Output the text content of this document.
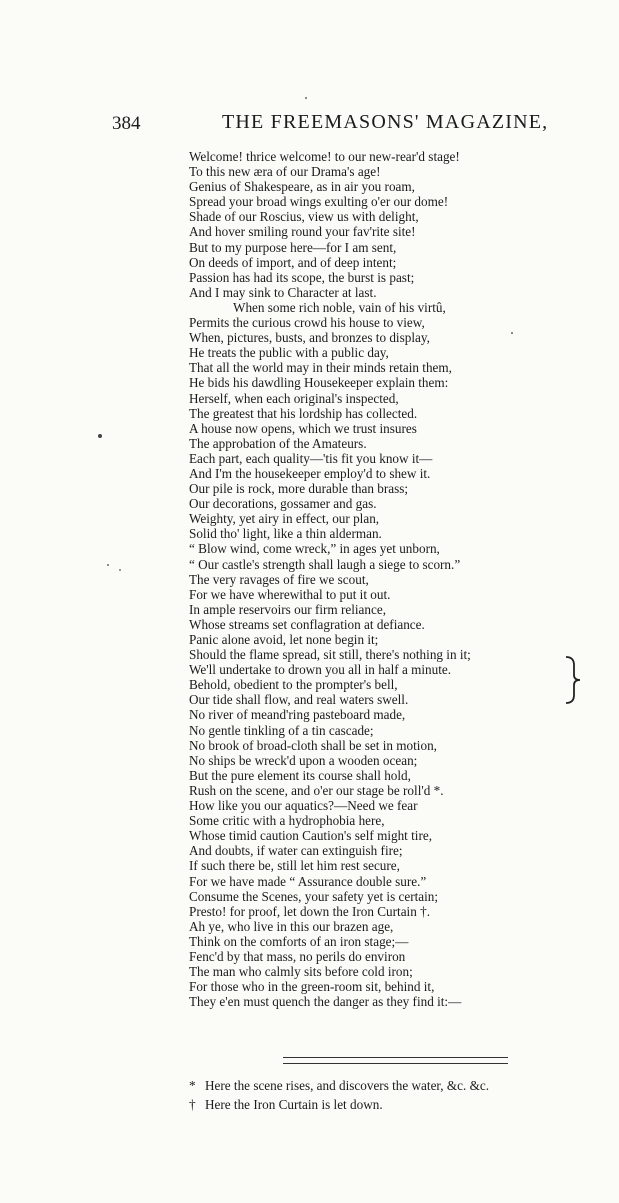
384	THE FREEMASONS' MAGAZINE,
Welcome! thrice welcome! to our new-rear'd stage!
To this new æra of our Drama's age!
Genius of Shakespeare, as in air you roam,
Spread your broad wings exulting o'er our dome!
Shade of our Roscius, view us with delight,
And hover smiling round your fav'rite site!
But to my purpose here—for I am sent,
On deeds of import, and of deep intent;
Passion has had its scope, the burst is past;
And I may sink to Character at last.
When some rich noble, vain of his virtû,
Permits the curious crowd his house to view,
When, pictures, busts, and bronzes to display,
He treats the public with a public day,
That all the world may in their minds retain them,
He bids his dawdling Housekeeper explain them:
Herself, when each original's inspected,
The greatest that his lordship has collected.
A house now opens, which we trust insures
The approbation of the Amateurs.
Each part, each quality—'tis fit you know it—
And I'm the housekeeper employ'd to shew it.
Our pile is rock, more durable than brass;
Our decorations, gossamer and gas.
Weighty, yet airy in effect, our plan,
Solid tho' light, like a thin alderman.
“ Blow wind, come wreck,” in ages yet unborn,
“ Our castle's strength shall laugh a siege to scorn.”
The very ravages of fire we scout,
For we have wherewithal to put it out.
In ample reservoirs our firm reliance,
Whose streams set conflagration at defiance.
Panic alone avoid, let none begin it;
Should the flame spread, sit still, there's nothing in it;
We'll undertake to drown you all in half a minute.
Behold, obedient to the prompter's bell,
Our tide shall flow, and real waters swell.
No river of meand'ring pasteboard made,
No gentle tinkling of a tin cascade;
No brook of broad-cloth shall be set in motion,
No ships be wreck'd upon a wooden ocean;
But the pure element its course shall hold,
Rush on the scene, and o'er our stage be roll'd *.
How like you our aquatics?—Need we fear
Some critic with a hydrophobia here,
Whose timid caution Caution's self might tire,
And doubts, if water can extinguish fire;
If such there be, still let him rest secure,
For we have made “ Assurance double sure.”
Consume the Scenes, your safety yet is certain;
Presto! for proof, let down the Iron Curtain †.
Ah ye, who live in this our brazen age,
Think on the comforts of an iron stage;—
Fenc'd by that mass, no perils do environ
The man who calmly sits before cold iron;
For those who in the green-room sit, behind it,
They e'en must quench the danger as they find it:—
* Here the scene rises, and discovers the water, &c. &c.
† Here the Iron Curtain is let down.
